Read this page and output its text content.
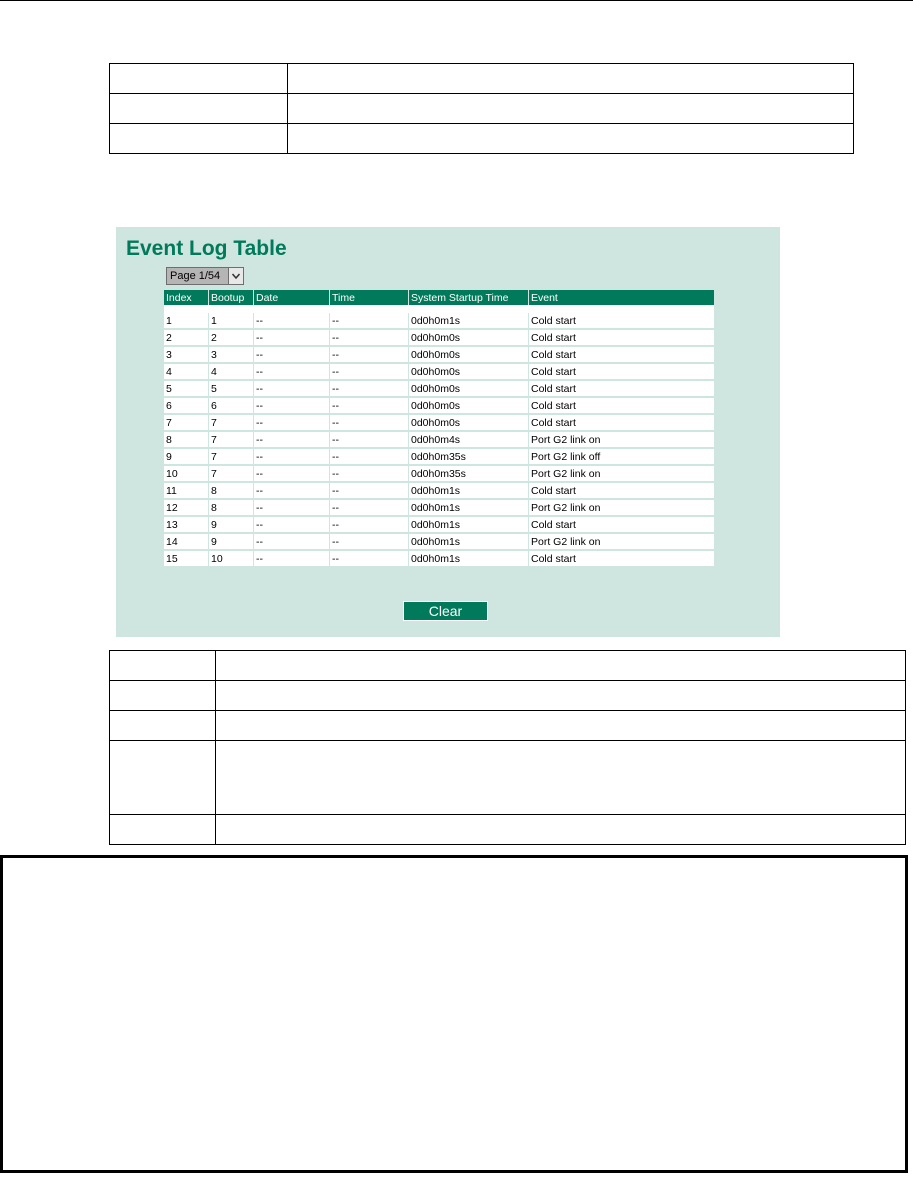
Event Log Table
Page 1/54
Index	Bootup	Date	Time	System Startup Time	Event

1	1	--	--	0d0h0m1s	Cold start
2	2	--	--	0d0h0m0s	Cold start
3	3	--	--	0d0h0m0s	Cold start
4	4	--	--	0d0h0m0s	Cold start
5	5	--	--	0d0h0m0s	Cold start
6	6	--	--	0d0h0m0s	Cold start
7	7	--	--	0d0h0m0s	Cold start
8	7	--	--	0d0h0m4s	Port G2 link on
9	7	--	--	0d0h0m35s	Port G2 link off
10	7	--	--	0d0h0m35s	Port G2 link on
11	8	--	--	0d0h0m1s	Cold start
12	8	--	--	0d0h0m1s	Port G2 link on
13	9	--	--	0d0h0m1s	Cold start
14	9	--	--	0d0h0m1s	Port G2 link on
15	10	--	--	0d0h0m1s	Cold start
Clear
